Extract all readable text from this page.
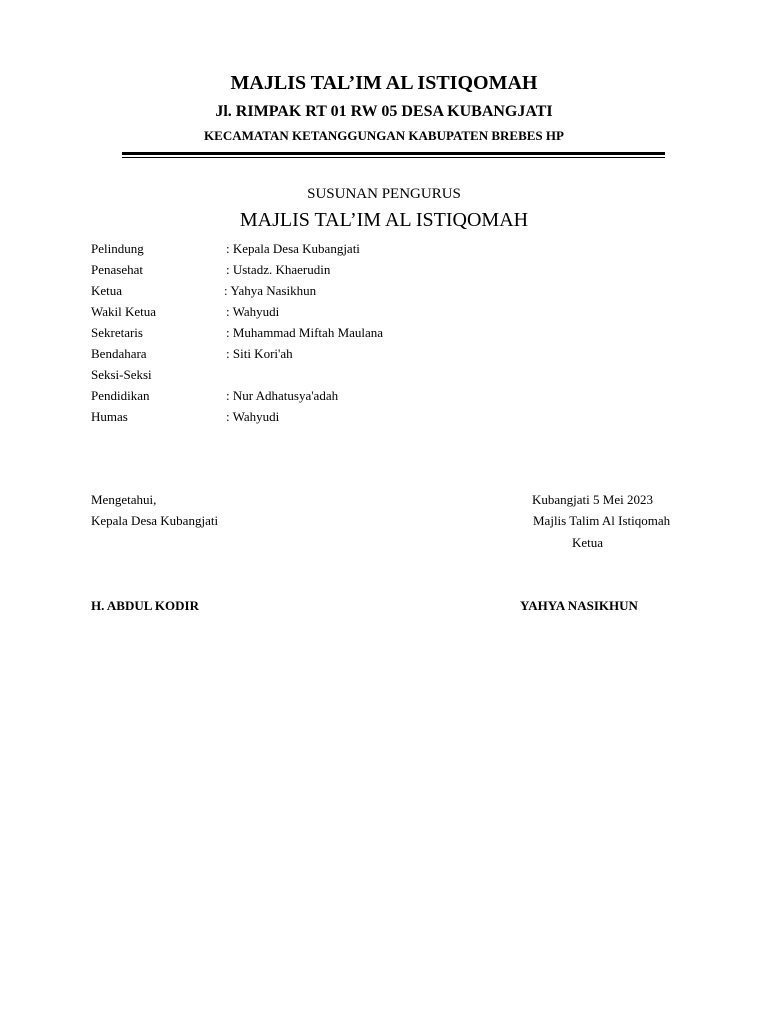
MAJLIS TAL’IM AL ISTIQOMAH
Jl. RIMPAK RT 01 RW 05 DESA KUBANGJATI
KECAMATAN KETANGGUNGAN KABUPATEN BREBES HP
SUSUNAN PENGURUS
MAJLIS TAL’IM AL ISTIQOMAH
Pelindung	: Kepala Desa Kubangjati
Penasehat	: Ustadz. Khaerudin
Ketua	: Yahya Nasikhun
Wakil Ketua	: Wahyudi
Sekretaris	: Muhammad Miftah Maulana
Bendahara	: Siti Kori'ah
Seksi-Seksi
Pendidikan	: Nur Adhatusya'adah
Humas	: Wahyudi
Mengetahui,
Kepala Desa Kubangjati
H. ABDUL KODIR
Kubangjati 5 Mei 2023
Majlis Talim Al Istiqomah
Ketua
YAHYA NASIKHUN
